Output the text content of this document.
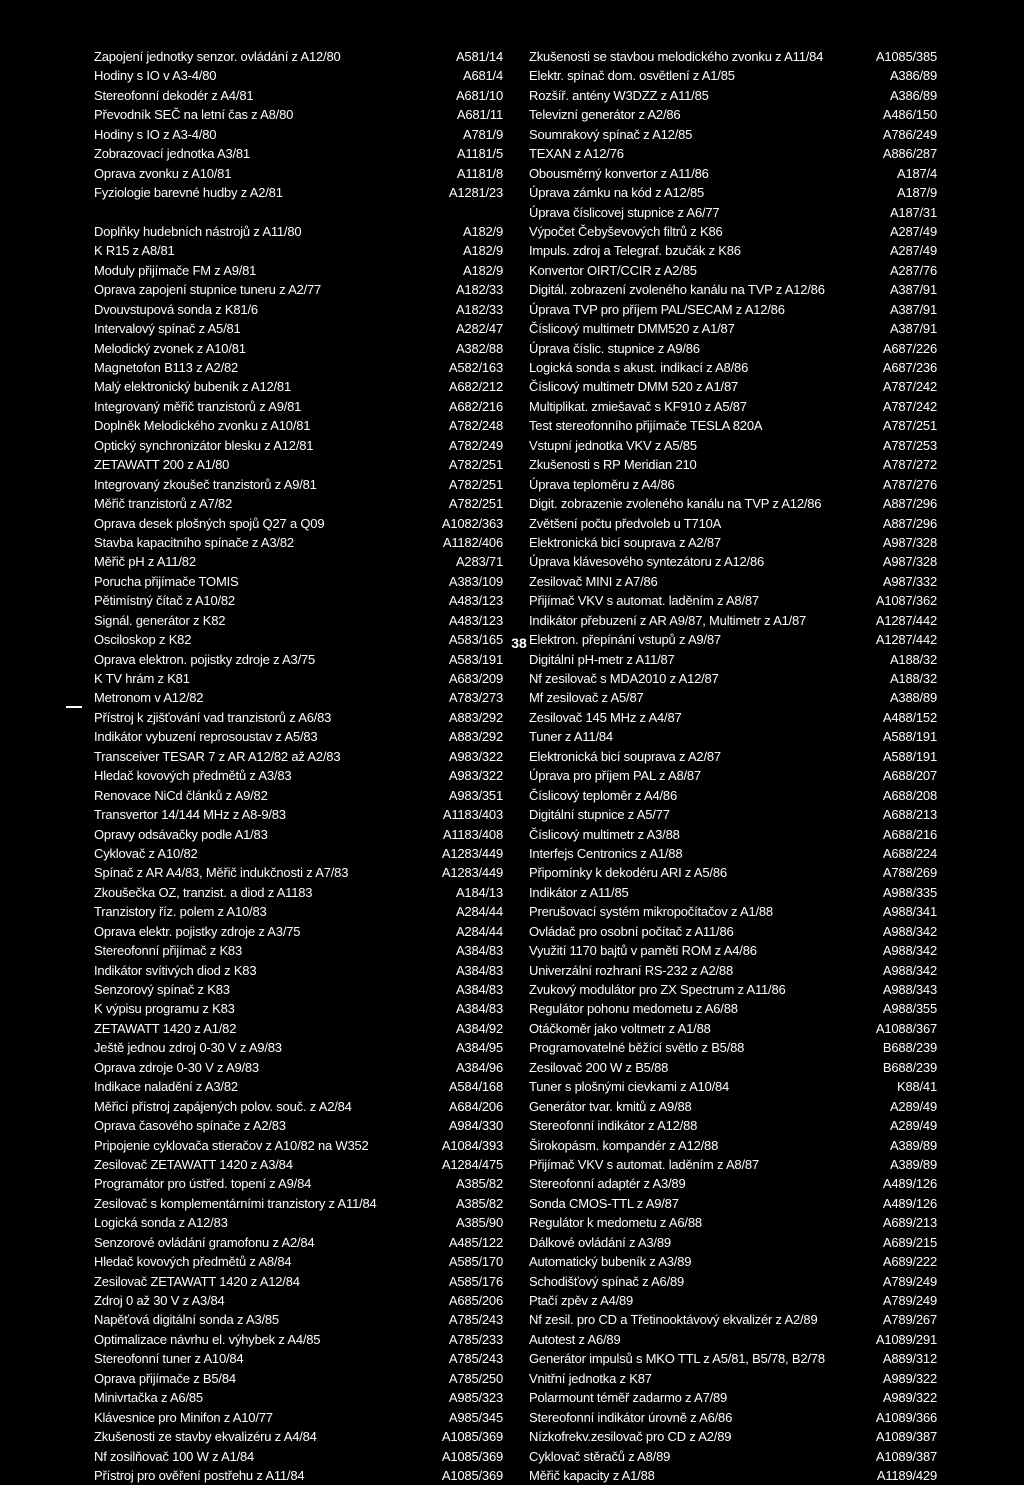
Zapojení jednotky senzor. ovládání z A12/80	A581/14
Hodiny s IO v A3-4/80	A681/4
Stereofonní dekodér z A4/81	A681/10
Převodník SEČ na letní čas z A8/80	A681/11
Hodiny s IO z A3-4/80	A781/9
Zobrazovací jednotka A3/81	A1181/5
Oprava zvonku z A10/81	A1181/8
Fyziologie barevné hudby z A2/81	A1281/23
Doplňky hudebních nástrojů z A11/80	A182/9
K R15 z A8/81	A182/9
Moduly přijímače FM z A9/81	A182/9
Oprava zapojení stupnice tuneru z A2/77	A182/33
Dvouvstupová sonda z K81/6	A182/33
Intervalový spínač z A5/81	A282/47
Melodický zvonek z A10/81	A382/88
Magnetofon B113 z A2/82	A582/163
Malý elektronický bubeník z A12/81	A682/212
Integrovaný měřič tranzistorů z A9/81	A682/216
Doplněk Melodického zvonku z A10/81	A782/248
Optický synchronizátor blesku z A12/81	A782/249
ZETAWATT 200 z A1/80	A782/251
Integrovaný zkoušeč tranzistorů z A9/81	A782/251
Měřič tranzistorů z A7/82	A782/251
Oprava desek plošných spojů Q27 a Q09	A1082/363
Stavba kapacitního spínače z A3/82	A1182/406
Měřič pH z A11/82	A283/71
Porucha přijímače TOMIS	A383/109
Pětimístný čítač z A10/82	A483/123
Signál. generátor z K82	A483/123
Osciloskop z K82	A583/165
Oprava elektron. pojistky zdroje z A3/75	A583/191
K TV hrám z K81	A683/209
Metronom v A12/82	A783/273
Přístroj k zjišťování vad tranzistorů z A6/83	A883/292
Indikátor vybuzení reprosoustav z A5/83	A883/292
Transceiver TESAR 7 z AR A12/82 až A2/83	A983/322
Hledač kovových předmětů z A3/83	A983/322
Renovace NiCd článků z A9/82	A983/351
Transvertor 14/144 MHz z A8-9/83	A1183/403
Opravy odsávačky podle A1/83	A1183/408
Cyklovač z A10/82	A1283/449
Spínač z AR A4/83, Měřič indukčnosti z A7/83	A1283/449
Zkoušečka OZ, tranzist. a diod z A1183	A184/13
Tranzistory říz. polem z A10/83	A284/44
Oprava elektr. pojistky zdroje z A3/75	A284/44
Stereofonní přijímač z K83	A384/83
Indikátor svítivých diod z K83	A384/83
Senzorový spínač z K83	A384/83
K výpisu programu z K83	A384/83
ZETAWATT 1420 z A1/82	A384/92
Ještě jednou zdroj 0-30 V z A9/83	A384/95
Oprava zdroje 0-30 V z A9/83	A384/96
Indikace naladění z A3/82	A584/168
Měřicí přístroj zapájených polov. souč. z A2/84	A684/206
Oprava časového spínače z A2/83	A984/330
Pripojenie cyklovača stieračov z A10/82 na W352	A1084/393
Zesilovač ZETAWATT 1420 z A3/84	A1284/475
Programátor pro ústřed. topení z A9/84	A385/82
Zesilovač s komplementárními tranzistory z A11/84	A385/82
Logická sonda z A12/83	A385/90
Senzorové ovládání gramofonu z A2/84	A485/122
Hledač kovových předmětů z A8/84	A585/170
Zesilovač ZETAWATT 1420 z A12/84	A585/176
Zdroj 0 až 30 V z A3/84	A685/206
Napěťová digitální sonda z A3/85	A785/243
Optimalizace návrhu el. výhybek z A4/85	A785/233
Stereofonní tuner z A10/84	A785/243
Oprava přijímače z B5/84	A785/250
Minivrtačka z A6/85	A985/323
Klávesnice pro Minifon z A10/77	A985/345
Zkušenosti ze stavby ekvalizéru z A4/84	A1085/369
Nf zosilňovač 100 W z A1/84	A1085/369
Přístroj pro ověření postřehu z A11/84	A1085/369
Zkušenosti se stavbou melodického zvonku z A11/84	A1085/385
Elektr. spínač dom. osvětlení z A1/85	A386/89
Rozšíř. antény W3DZZ z A11/85	A386/89
Televizní generátor z A2/86	A486/150
Soumrakový spínač z A12/85	A786/249
TEXAN z A12/76	A886/287
Obousměrný konvertor z A11/86	A187/4
Úprava zámku na kód z A12/85	A187/9
Úprava číslicovej stupnice z A6/77	A187/31
Výpočet Čebyševových filtrů z K86	A287/49
Impuls. zdroj a Telegraf. bzučák z K86	A287/49
Konvertor OIRT/CCIR z A2/85	A287/76
Digitál. zobrazení zvoleného kanálu na TVP z A12/86	A387/91
Úprava TVP pro příjem PAL/SECAM z A12/86	A387/91
Číslicový multimetr DMM520 z A1/87	A387/91
Úprava číslic. stupnice z A9/86	A687/226
Logická sonda s akust. indikací z A8/86	A687/236
Číslicový multimetr DMM 520 z A1/87	A787/242
Multiplikat. zmiešavač s KF910 z A5/87	A787/242
Test stereofonního přijímače TESLA 820A	A787/251
Vstupní jednotka VKV z A5/85	A787/253
Zkušenosti s RP Meridian 210	A787/272
Úprava teploměru z A4/86	A787/276
Digit. zobrazenie zvoleného kanálu na TVP z A12/86	A887/296
Zvětšení počtu předvoleb u T710A	A887/296
Elektronická bicí souprava z A2/87	A987/328
Úprava klávesového syntezátoru z A12/86	A987/328
Zesilovač MINI z A7/86	A987/332
Přijímač VKV s automat. laděním z A8/87	A1087/362
Indikátor přebuzení z AR A9/87, Multimetr z A1/87	A1287/442
Elektron. přepínání vstupů z A9/87	A1287/442
Digitální pH-metr z A11/87	A188/32
Nf zesilovač s MDA2010 z A12/87	A188/32
Mf zesilovač z A5/87	A388/89
Zesilovač 145 MHz z A4/87	A488/152
Tuner z A11/84	A588/191
Elektronická bicí souprava z A2/87	A588/191
Úprava pro příjem PAL z A8/87	A688/207
Číslicový teploměr z A4/86	A688/208
Digitální stupnice z A5/77	A688/213
Číslicový multimetr z A3/88	A688/216
Interfejs Centronics z A1/88	A688/224
Připomínky k dekodéru ARI z A5/86	A788/269
Indikátor z A11/85	A988/335
Prerušovací systém mikropočítačov z A1/88	A988/341
Ovládač pro osobní počítač z A11/86	A988/342
Využití 1170 bajtů v paměti ROM z A4/86	A988/342
Univerzální rozhraní RS-232 z A2/88	A988/342
Zvukový modulátor pro ZX Spectrum z A11/86	A988/343
Regulátor pohonu medometu z A6/88	A988/355
Otáčkoměr jako voltmetr z A1/88	A1088/367
Programovatelné běžící světlo z B5/88	B688/239
Zesilovač 200 W z B5/88	B688/239
Tuner s plošnými cievkami z A10/84	K88/41
Generátor tvar. kmitů z A9/88	A289/49
Stereofonní indikátor z A12/88	A289/49
Širokopásm. kompandér z A12/88	A389/89
Přijímač VKV s automat. laděním z A8/87	A389/89
Stereofonní adaptér z A3/89	A489/126
Sonda CMOS-TTL z A9/87	A489/126
Regulátor k medometu z A6/88	A689/213
Dálkové ovládání z A3/89	A689/215
Automatický bubeník z A3/89	A689/222
Schodišťový spínač z A6/89	A789/249
Ptačí zpěv z A4/89	A789/249
Nf zesil. pro CD a Třetinooktávový ekvalizér z A2/89	A789/267
Autotest z A6/89	A1089/291
Generátor impulsů s MKO TTL z A5/81, B5/78, B2/78	A889/312
Vnitřní jednotka z K87	A989/322
Polarmount téměř zadarmo z A7/89	A989/322
Stereofonní indikátor úrovně z A6/86	A1089/366
Nízkofrekv.zesilovač pro CD z A2/89	A1089/387
Cyklovač stěračů z A8/89	A1089/387
Měřič kapacity z A1/88	A1189/429
38
